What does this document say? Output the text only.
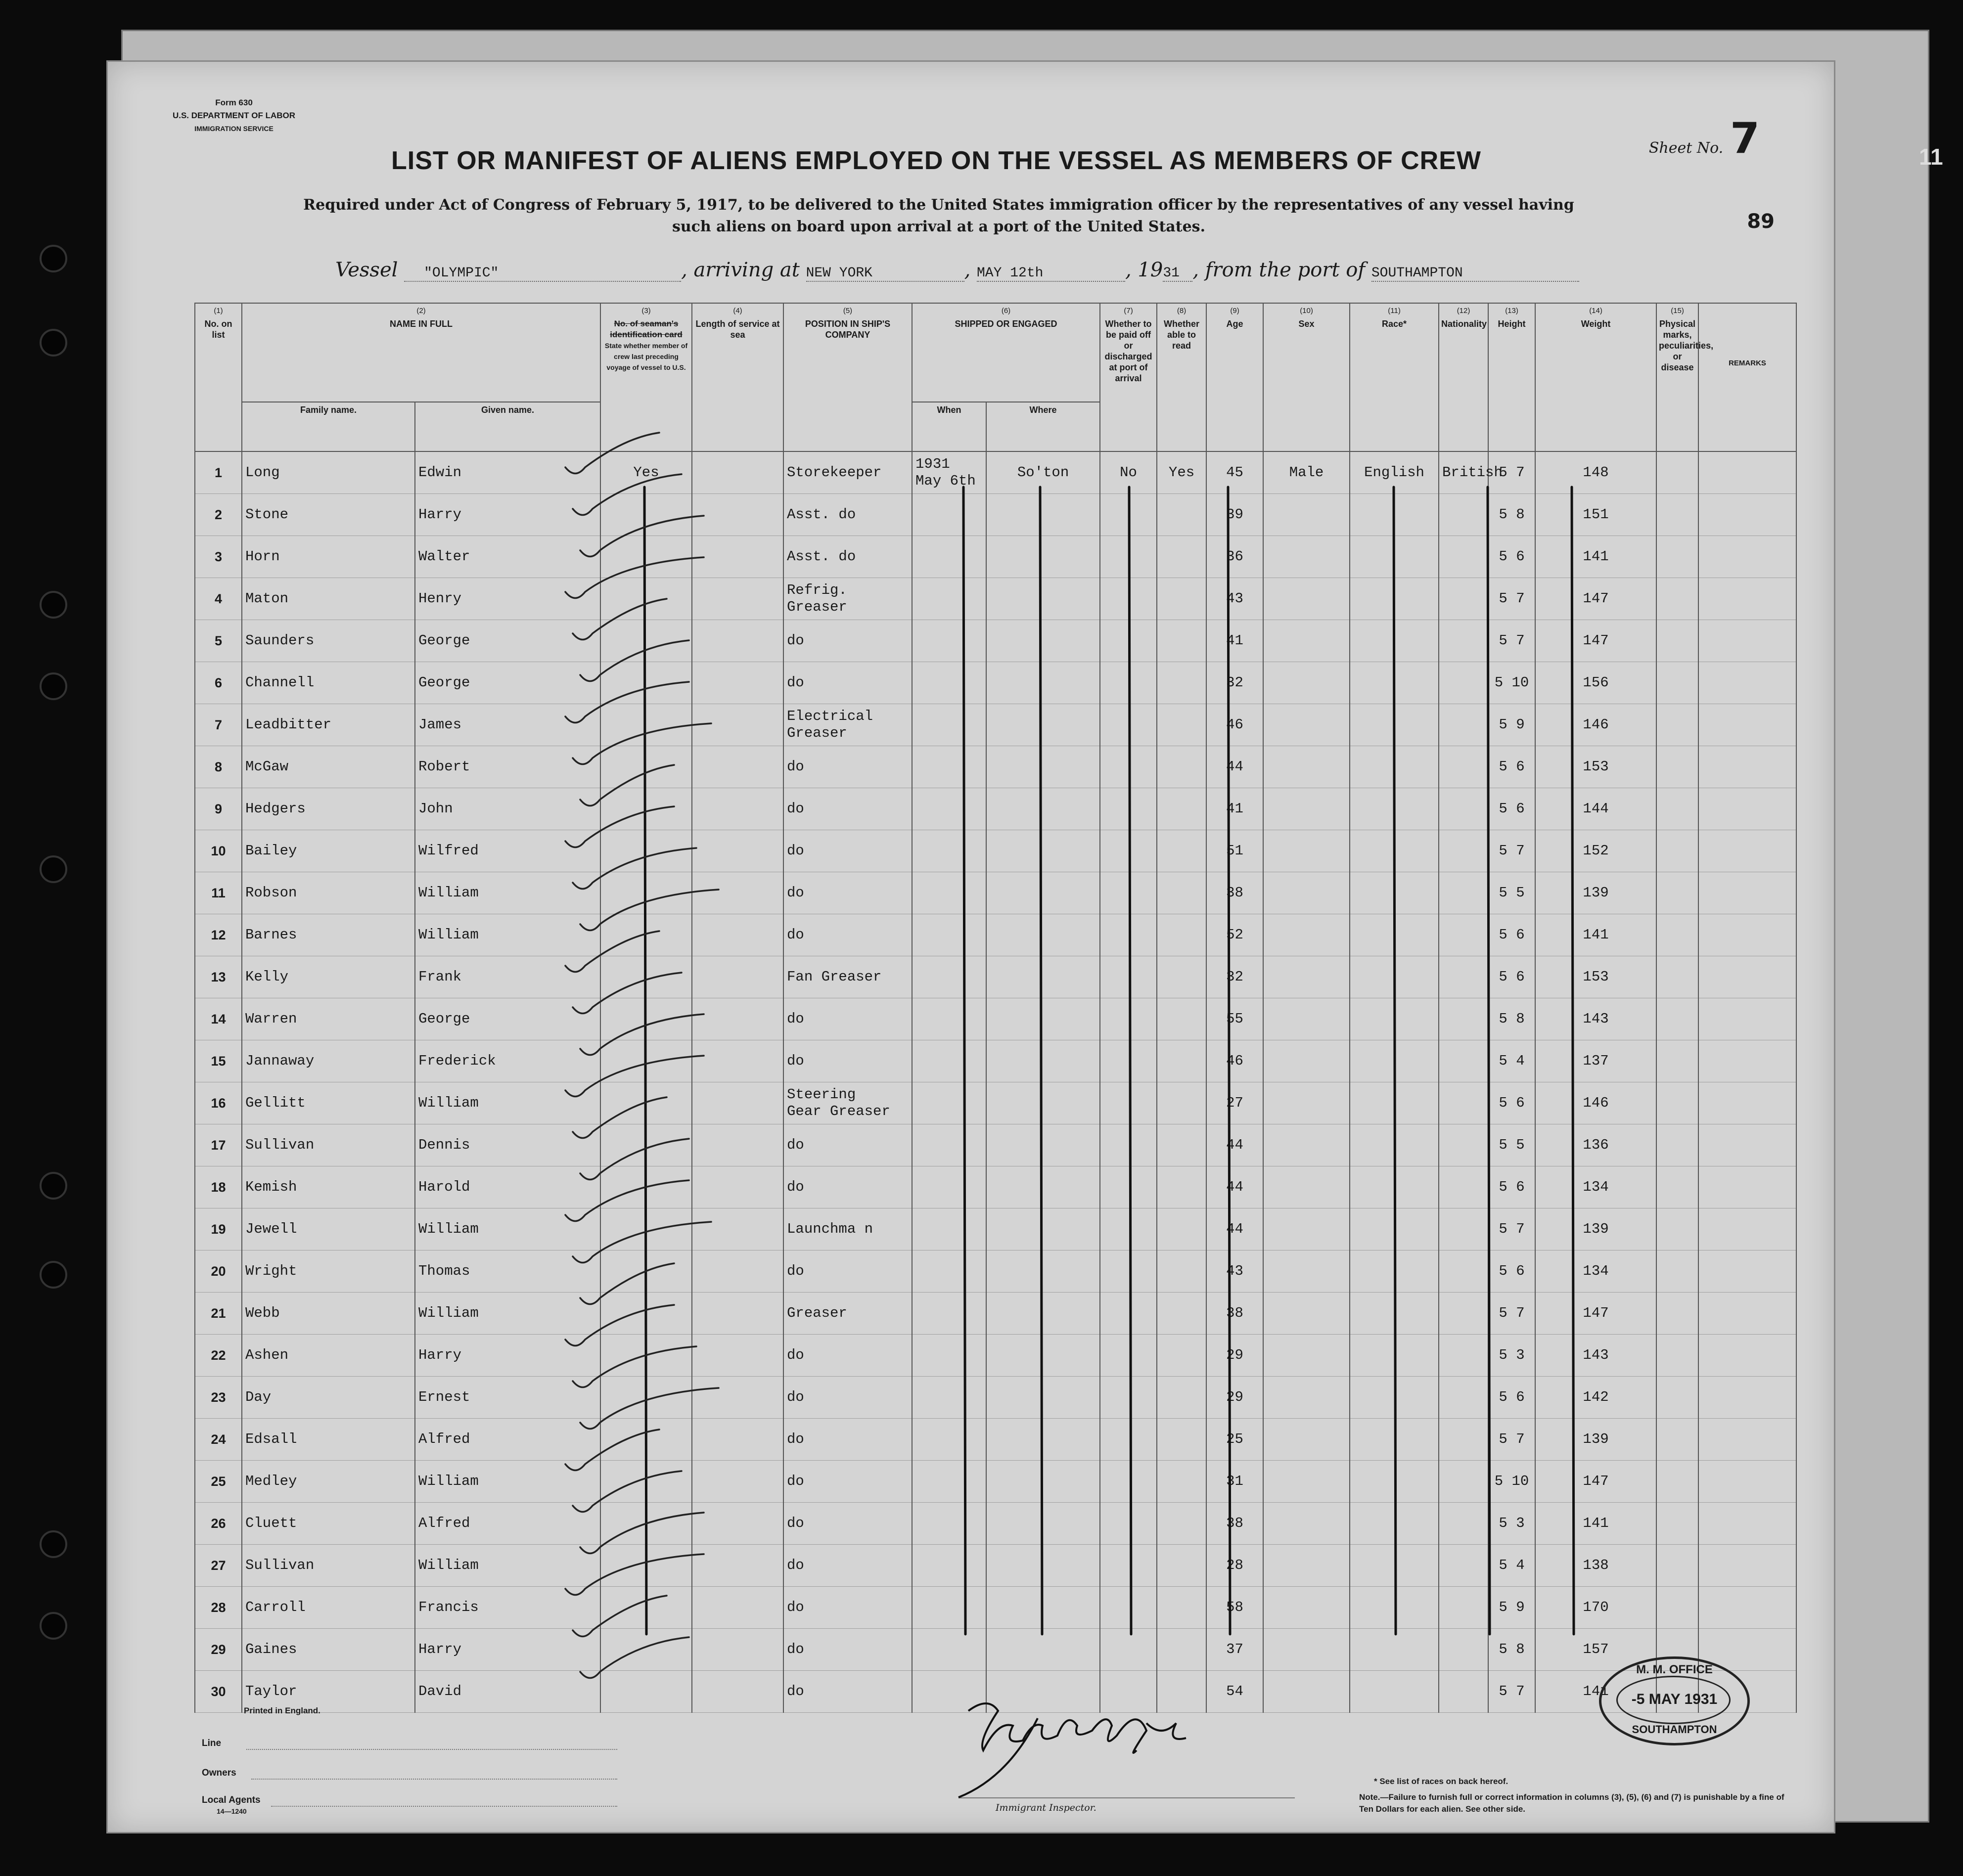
11
Form 630
U.S. DEPARTMENT OF LABOR
IMMIGRATION SERVICE
Sheet No. 7
LIST OR MANIFEST OF ALIENS EMPLOYED ON THE VESSEL AS MEMBERS OF CREW
Required under Act of Congress of February 5, 1917, to be delivered to the United States immigration officer by the representatives of any vessel having such aliens on board upon arrival at a port of the United States.	89
Vessel "OLYMPIC"	, arriving at NEW YORK	, MAY 12th	, 1931 , from the port of SOUTHAMPTON
(1)
No. on list	(2)
NAME IN FULL		(3)
No. of seaman's identification card
State whether member of crew last preceding voyage of vessel to U.S.	(4)
Length of service at sea	(5)
POSITION IN SHIP'S COMPANY	(6)
SHIPPED OR ENGAGED		(7)
Whether to be paid off or discharged at port of arrival	(8)
Whether able to read	(9)
Age	(10)
Sex	(11)
Race*	(12)
Nationality	(13)
Height	(14)
Weight	(15)
Physical marks, peculiarities, or disease	REMARKS
	Family name.	Given name.				When	Where										
1	Long	Edwin	Yes		Storekeeper	1931
May 6th	So'ton	No	Yes	45	Male	English	British	5 7	148		
2	Stone	Harry			Asst. do					39				5 8	151		
3	Horn	Walter			Asst. do					36				5 6	141		
4	Maton	Henry			Refrig.
Greaser					43				5 7	147		
5	Saunders	George			do					41				5 7	147		
6	Channell	George			do					32				5 10	156		
7	Leadbitter	James			Electrical
Greaser					46				5 9	146		
8	McGaw	Robert			do					44				5 6	153		
9	Hedgers	John			do					41				5 6	144		
10	Bailey	Wilfred			do					51				5 7	152		
11	Robson	William			do					38				5 5	139		
12	Barnes	William			do					52				5 6	141		
13	Kelly	Frank			Fan Greaser					32				5 6	153		
14	Warren	George			do					55				5 8	143		
15	Jannaway	Frederick			do					46				5 4	137		
16	Gellitt	William			Steering
Gear Greaser					27				5 6	146		
17	Sullivan	Dennis			do					44				5 5	136		
18	Kemish	Harold			do					44				5 6	134		
19	Jewell	William			Launchma n					44				5 7	139		
20	Wright	Thomas			do					43				5 6	134		
21	Webb	William			Greaser					38				5 7	147		
22	Ashen	Harry			do					29				5 3	143		
23	Day	Ernest			do					29				5 6	142		
24	Edsall	Alfred			do					25				5 7	139		
25	Medley	William			do					31				5 10	147		
26	Cluett	Alfred			do					38				5 3	141		
27	Sullivan	William			do					28				5 4	138		
28	Carroll	Francis			do					58				5 9	170		
29	Gaines	Harry			do					37				5 8	157		
30	Taylor	David			do					54				5 7	141		
Printed in England.
Line
Owners
Local Agents
14—1240	Immigrant Inspector.
* See list of races on back hereof.
Note.—Failure to furnish full or correct information in columns (3), (5), (6) and (7) is punishable by a fine of Ten Dollars for each alien. See other side.
M. M. OFFICE
-5 MAY 1931
SOUTHAMPTON
